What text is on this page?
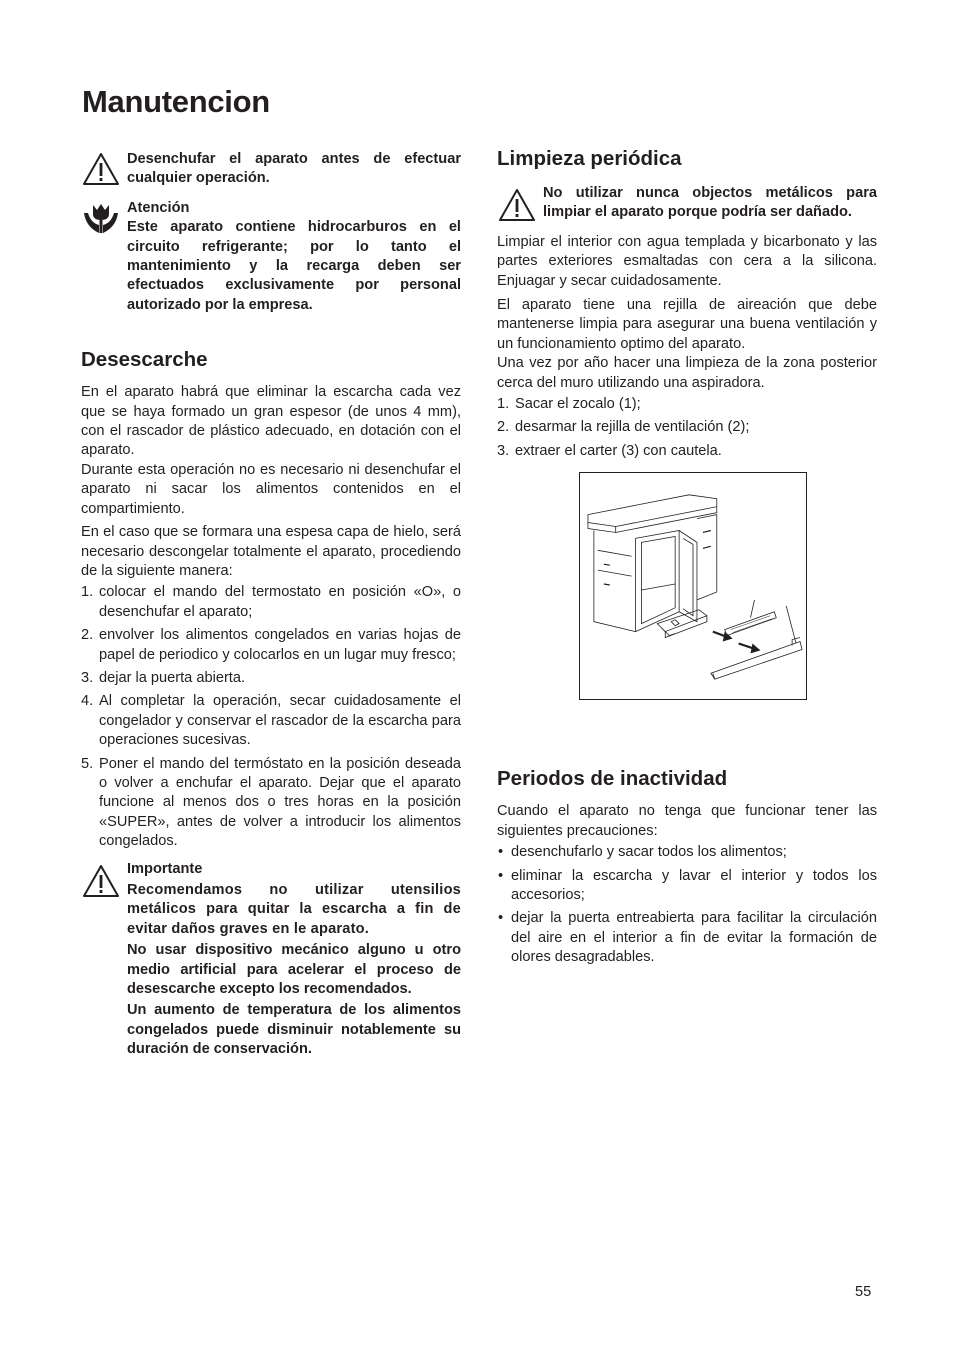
Manutencion

Desenchufar el aparato antes de efectuar cualquier operación.

Atención

Este aparato contiene hidrocarburos en el circuito refrigerante; por lo tanto el mantenimiento y la recarga deben ser efectuados exclusivamente por personal autorizado por la empresa.

Desescarche

En el aparato habrá que eliminar la escarcha cada vez que se haya formado un gran espesor (de unos 4 mm), con el rascador de plástico adecuado, en dotación con el aparato.

Durante esta operación no es necesario ni desenchufar el aparato ni sacar los alimentos contenidos en el compartimiento.

En el caso que se formara una espesa capa de hielo, será necesario descongelar totalmente el aparato, procediendo de la siguiente manera:

1. colocar el mando del termostato en posición «O», o desenchufar el aparato;
2. envolver los alimentos congelados en varias hojas de papel de periodico y colocarlos en un lugar muy fresco;
3. dejar la puerta abierta.
4. Al completar la operación, secar cuidadosamente el congelador y conservar el rascador de la escarcha para operaciones sucesivas.
5. Poner el mando del termóstato en la posición deseada o volver a enchufar el aparato. Dejar que el aparato funcione al menos dos o tres horas en la posición «SUPER», antes de volver a introducir los alimentos congelados.

Importante

Recomendamos no utilizar utensilios metálicos para quitar la escarcha a fin de evitar daños graves en le aparato.

No usar dispositivo mecánico alguno u otro medio artificial para acelerar el proceso de desescarche excepto los recomendados.

Un aumento de temperatura de los alimentos congelados puede disminuir notablemente su duración de conservación.

Limpieza periódica

No utilizar nunca objectos metálicos para limpiar el aparato porque podría ser dañado.

Limpiar el interior con agua templada y bicarbonato y las partes exteriores esmaltadas con cera a la silicona. Enjuagar y secar cuidadosamente.

El aparato tiene una rejilla de aireación que debe mantenerse limpia para asegurar una buena ventilación y un funcionamiento optimo del aparato.

Una vez por año hacer una limpieza de la zona posterior cerca del muro utilizando una aspiradora.

1. Sacar el zocalo (1);
2. desarmar la rejilla de ventilación (2);
3. extraer el carter (3) con cautela.
Periodos de inactividad

Cuando el aparato no tenga que funcionar tener las siguientes precauciones:

• desenchufarlo y sacar todos los alimentos;
• eliminar la escarcha y lavar el interior y todos los accesorios;
• dejar la puerta entreabierta para facilitar la circulación del aire en el interior a fin de evitar la formación de olores desagradables.
55
